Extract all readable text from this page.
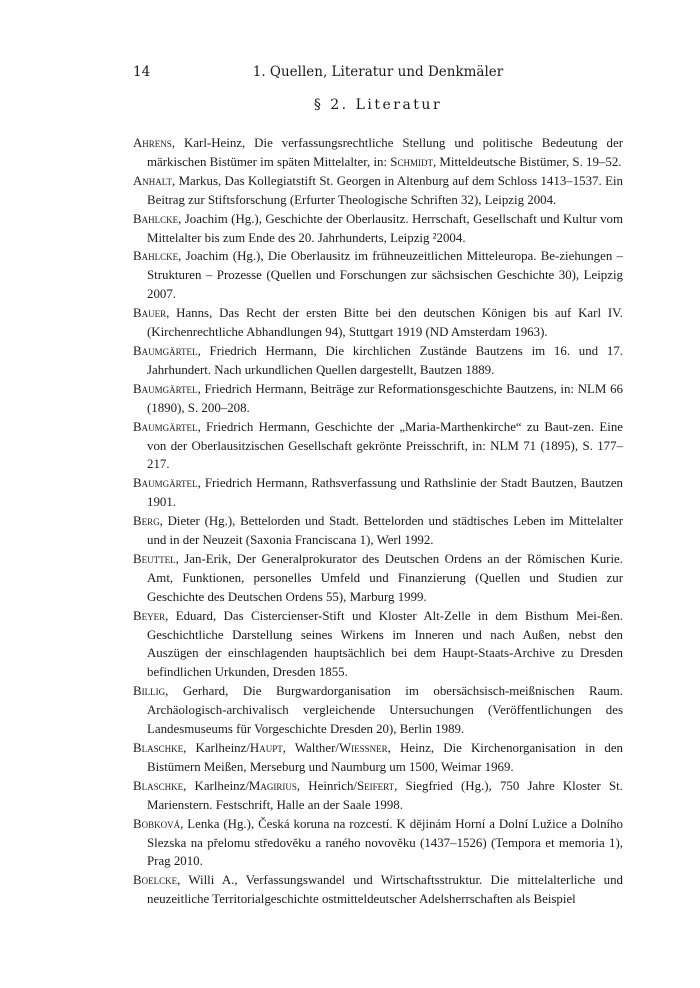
14	1. Quellen, Literatur und Denkmäler
§ 2. Literatur

Ahrens, Karl-Heinz, Die verfassungsrechtliche Stellung und politische Bedeutung der märkischen Bistümer im späten Mittelalter, in: Schmidt, Mitteldeutsche Bistümer, S. 19–52.

Anhalt, Markus, Das Kollegiatstift St. Georgen in Altenburg auf dem Schloss 1413–1537. Ein Beitrag zur Stiftsforschung (Erfurter Theologische Schriften 32), Leipzig 2004.

Bahlcke, Joachim (Hg.), Geschichte der Oberlausitz. Herrschaft, Gesellschaft und Kultur vom Mittelalter bis zum Ende des 20. Jahrhunderts, Leipzig ²2004.

Bahlcke, Joachim (Hg.), Die Oberlausitz im frühneuzeitlichen Mitteleuropa. Be-ziehungen – Strukturen – Prozesse (Quellen und Forschungen zur sächsischen Geschichte 30), Leipzig 2007.

Bauer, Hanns, Das Recht der ersten Bitte bei den deutschen Königen bis auf Karl IV. (Kirchenrechtliche Abhandlungen 94), Stuttgart 1919 (ND Amsterdam 1963).

Baumgärtel, Friedrich Hermann, Die kirchlichen Zustände Bautzens im 16. und 17. Jahrhundert. Nach urkundlichen Quellen dargestellt, Bautzen 1889.

Baumgärtel, Friedrich Hermann, Beiträge zur Reformationsgeschichte Bautzens, in: NLM 66 (1890), S. 200–208.

Baumgärtel, Friedrich Hermann, Geschichte der „Maria-Marthenkirche“ zu Baut-zen. Eine von der Oberlausitzischen Gesellschaft gekrönte Preisschrift, in: NLM 71 (1895), S. 177–217.

Baumgärtel, Friedrich Hermann, Rathsverfassung und Rathslinie der Stadt Bautzen, Bautzen 1901.

Berg, Dieter (Hg.), Bettelorden und Stadt. Bettelorden und städtisches Leben im Mittelalter und in der Neuzeit (Saxonia Franciscana 1), Werl 1992.

Beuttel, Jan-Erik, Der Generalprokurator des Deutschen Ordens an der Römischen Kurie. Amt, Funktionen, personelles Umfeld und Finanzierung (Quellen und Studien zur Geschichte des Deutschen Ordens 55), Marburg 1999.

Beyer, Eduard, Das Cistercienser-Stift und Kloster Alt-Zelle in dem Bisthum Mei-ßen. Geschichtliche Darstellung seines Wirkens im Inneren und nach Außen, nebst den Auszügen der einschlagenden hauptsächlich bei dem Haupt-Staats-Archive zu Dresden befindlichen Urkunden, Dresden 1855.

Billig, Gerhard, Die Burgwardorganisation im obersächsisch-meißnischen Raum. Archäologisch-archivalisch vergleichende Untersuchungen (Veröffentlichungen des Landesmuseums für Vorgeschichte Dresden 20), Berlin 1989.

Blaschke, Karlheinz/Haupt, Walther/Wiessner, Heinz, Die Kirchenorganisation in den Bistümern Meißen, Merseburg und Naumburg um 1500, Weimar 1969.

Blaschke, Karlheinz/Magirius, Heinrich/Seifert, Siegfried (Hg.), 750 Jahre Kloster St. Marienstern. Festschrift, Halle an der Saale 1998.

Bobková, Lenka (Hg.), Česká koruna na rozcestí. K dějinám Horní a Dolní Lužice a Dolního Slezska na přelomu středověku a raného novověku (1437–1526) (Tempora et memoria 1), Prag 2010.

Boelcke, Willi A., Verfassungswandel und Wirtschaftsstruktur. Die mittelalterliche und neuzeitliche Territorialgeschichte ostmitteldeutscher Adelsherrschaften als Beispiel
